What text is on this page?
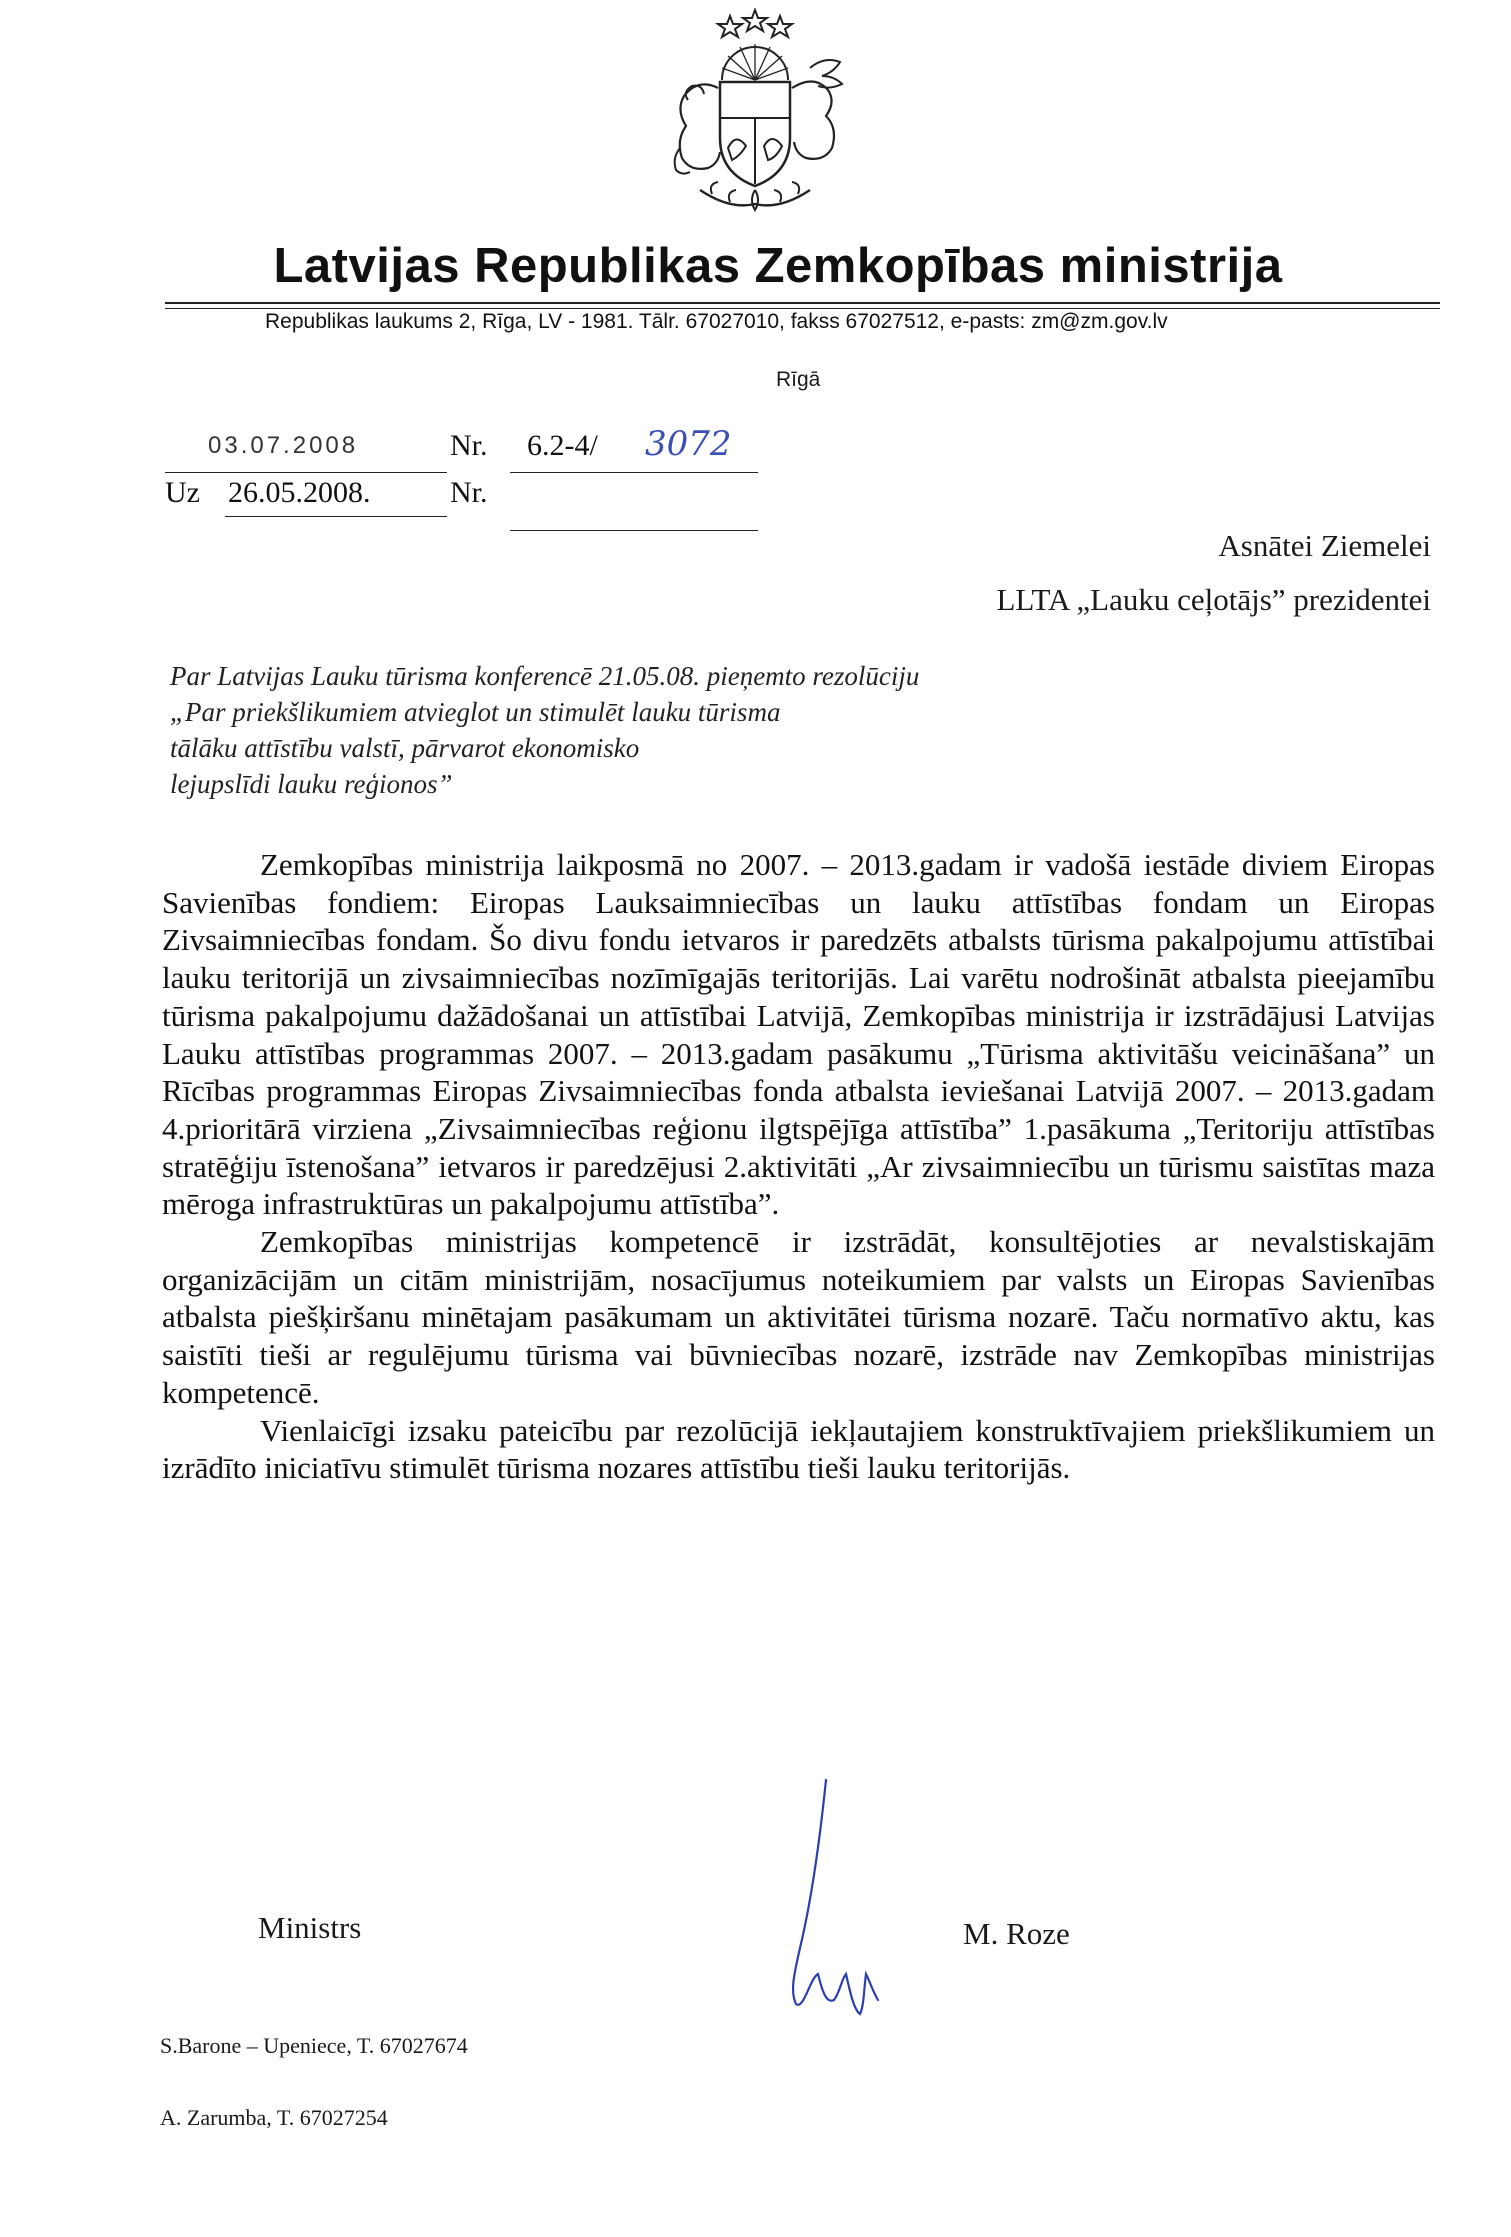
Latvijas Republikas Zemkopības ministrija
Republikas laukums 2, Rīga, LV - 1981. Tālr. 67027010, fakss 67027512, e-pasts: zm@zm.gov.lv
Rīgā
03.07.2008	Nr. 6.2-4/ 3072
Uz 26.05.2008.	Nr.
Asnātei Ziemelei
LLTA „Lauku ceļotājs” prezidentei
Par Latvijas Lauku tūrisma konferencē 21.05.08. pieņemto rezolūciju
„Par priekšlikumiem atvieglot un stimulēt lauku tūrisma
tālāku attīstību valstī, pārvarot ekonomisko
lejupslīdi lauku reģionos”

Zemkopības ministrija laikposmā no 2007. – 2013.gadam ir vadošā iestāde diviem Eiropas Savienības fondiem: Eiropas Lauksaimniecības un lauku attīstības fondam un Eiropas Zivsaimniecības fondam. Šo divu fondu ietvaros ir paredzēts atbalsts tūrisma pakalpojumu attīstībai lauku teritorijā un zivsaimniecības nozīmīgajās teritorijās. Lai varētu nodrošināt atbalsta pieejamību tūrisma pakalpojumu dažādošanai un attīstībai Latvijā, Zemkopības ministrija ir izstrādājusi Latvijas Lauku attīstības programmas 2007. – 2013.gadam pasākumu „Tūrisma aktivitāšu veicināšana” un Rīcības programmas Eiropas Zivsaimniecības fonda atbalsta ieviešanai Latvijā 2007. – 2013.gadam 4.prioritārā virziena „Zivsaimniecības reģionu ilgtspējīga attīstība” 1.pasākuma „Teritoriju attīstības stratēģiju īstenošana” ietvaros ir paredzējusi 2.aktivitāti „Ar zivsaimniecību un tūrismu saistītas maza mēroga infrastruktūras un pakalpojumu attīstība”.

Zemkopības ministrijas kompetencē ir izstrādāt, konsultējoties ar nevalstiskajām organizācijām un citām ministrijām, nosacījumus noteikumiem par valsts un Eiropas Savienības atbalsta piešķiršanu minētajam pasākumam un aktivitātei tūrisma nozarē. Taču normatīvo aktu, kas saistīti tieši ar regulējumu tūrisma vai būvniecības nozarē, izstrāde nav Zemkopības ministrijas kompetencē.

Vienlaicīgi izsaku pateicību par rezolūcijā iekļautajiem konstruktīvajiem priekšlikumiem un izrādīto iniciatīvu stimulēt tūrisma nozares attīstību tieši lauku teritorijās.

Ministrs	M. Roze
S.Barone – Upeniece, T. 67027674
A. Zarumba, T. 67027254
